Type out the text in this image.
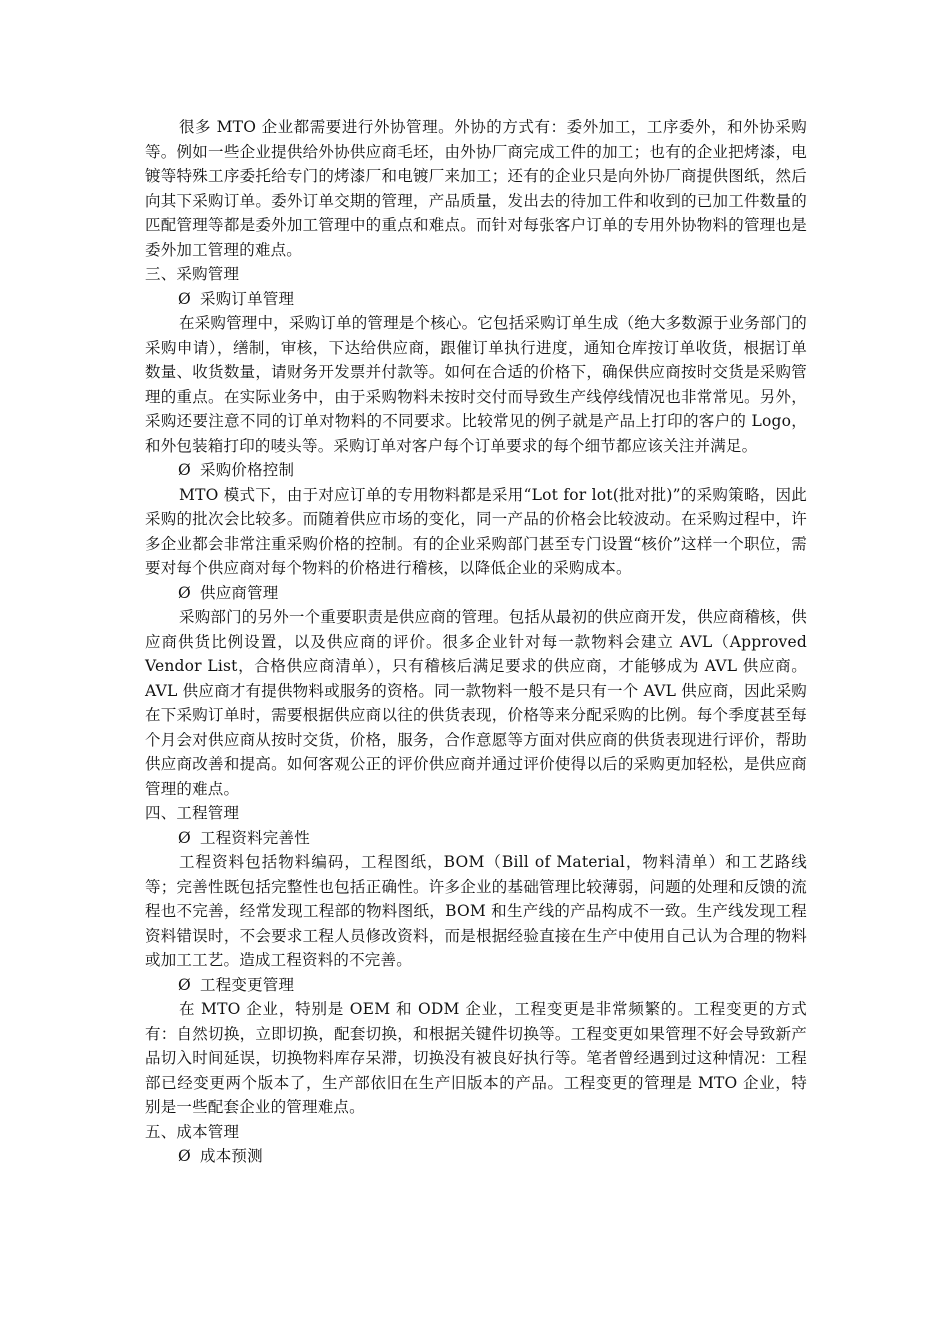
很多 MTO 企业都需要进行外协管理。外协的方式有：委外加工，工序委外，和外协采购等。例如一些企业提供给外协供应商毛坯，由外协厂商完成工件的加工；也有的企业把烤漆，电镀等特殊工序委托给专门的烤漆厂和电镀厂来加工；还有的企业只是向外协厂商提供图纸，然后向其下采购订单。委外订单交期的管理，产品质量，发出去的待加工件和收到的已加工件数量的匹配管理等都是委外加工管理中的重点和难点。而针对每张客户订单的专用外协物料的管理也是委外加工管理的难点。

三、采购管理

Ø 采购订单管理

在采购管理中，采购订单的管理是个核心。它包括采购订单生成（绝大多数源于业务部门的采购申请），缮制，审核，下达给供应商，跟催订单执行进度，通知仓库按订单收货，根据订单数量、收货数量，请财务开发票并付款等。如何在合适的价格下，确保供应商按时交货是采购管理的重点。在实际业务中，由于采购物料未按时交付而导致生产线停线情况也非常常见。另外，采购还要注意不同的订单对物料的不同要求。比较常见的例子就是产品上打印的客户的 Logo，和外包装箱打印的唛头等。采购订单对客户每个订单要求的每个细节都应该关注并满足。

Ø 采购价格控制

MTO 模式下，由于对应订单的专用物料都是采用“Lot for lot(批对批)”的采购策略，因此采购的批次会比较多。而随着供应市场的变化，同一产品的价格会比较波动。在采购过程中，许多企业都会非常注重采购价格的控制。有的企业采购部门甚至专门设置“核价”这样一个职位，需要对每个供应商对每个物料的价格进行稽核，以降低企业的采购成本。

Ø 供应商管理

采购部门的另外一个重要职责是供应商的管理。包括从最初的供应商开发，供应商稽核，供应商供货比例设置，以及供应商的评价。很多企业针对每一款物料会建立 AVL（Approved Vendor List，合格供应商清单），只有稽核后满足要求的供应商，才能够成为 AVL 供应商。AVL 供应商才有提供物料或服务的资格。同一款物料一般不是只有一个 AVL 供应商，因此采购在下采购订单时，需要根据供应商以往的供货表现，价格等来分配采购的比例。每个季度甚至每个月会对供应商从按时交货，价格，服务，合作意愿等方面对供应商的供货表现进行评价，帮助供应商改善和提高。如何客观公正的评价供应商并通过评价使得以后的采购更加轻松，是供应商管理的难点。

四、工程管理

Ø 工程资料完善性

工程资料包括物料编码，工程图纸，BOM（Bill of Material，物料清单）和工艺路线等；完善性既包括完整性也包括正确性。许多企业的基础管理比较薄弱，问题的处理和反馈的流程也不完善，经常发现工程部的物料图纸，BOM 和生产线的产品构成不一致。生产线发现工程资料错误时，不会要求工程人员修改资料，而是根据经验直接在生产中使用自己认为合理的物料或加工工艺。造成工程资料的不完善。

Ø 工程变更管理

在 MTO 企业，特别是 OEM 和 ODM 企业，工程变更是非常频繁的。工程变更的方式有：自然切换，立即切换，配套切换，和根据关键件切换等。工程变更如果管理不好会导致新产品切入时间延误，切换物料库存呆滞，切换没有被良好执行等。笔者曾经遇到过这种情况：工程部已经变更两个版本了，生产部依旧在生产旧版本的产品。工程变更的管理是 MTO 企业，特别是一些配套企业的管理难点。

五、成本管理

Ø 成本预测
